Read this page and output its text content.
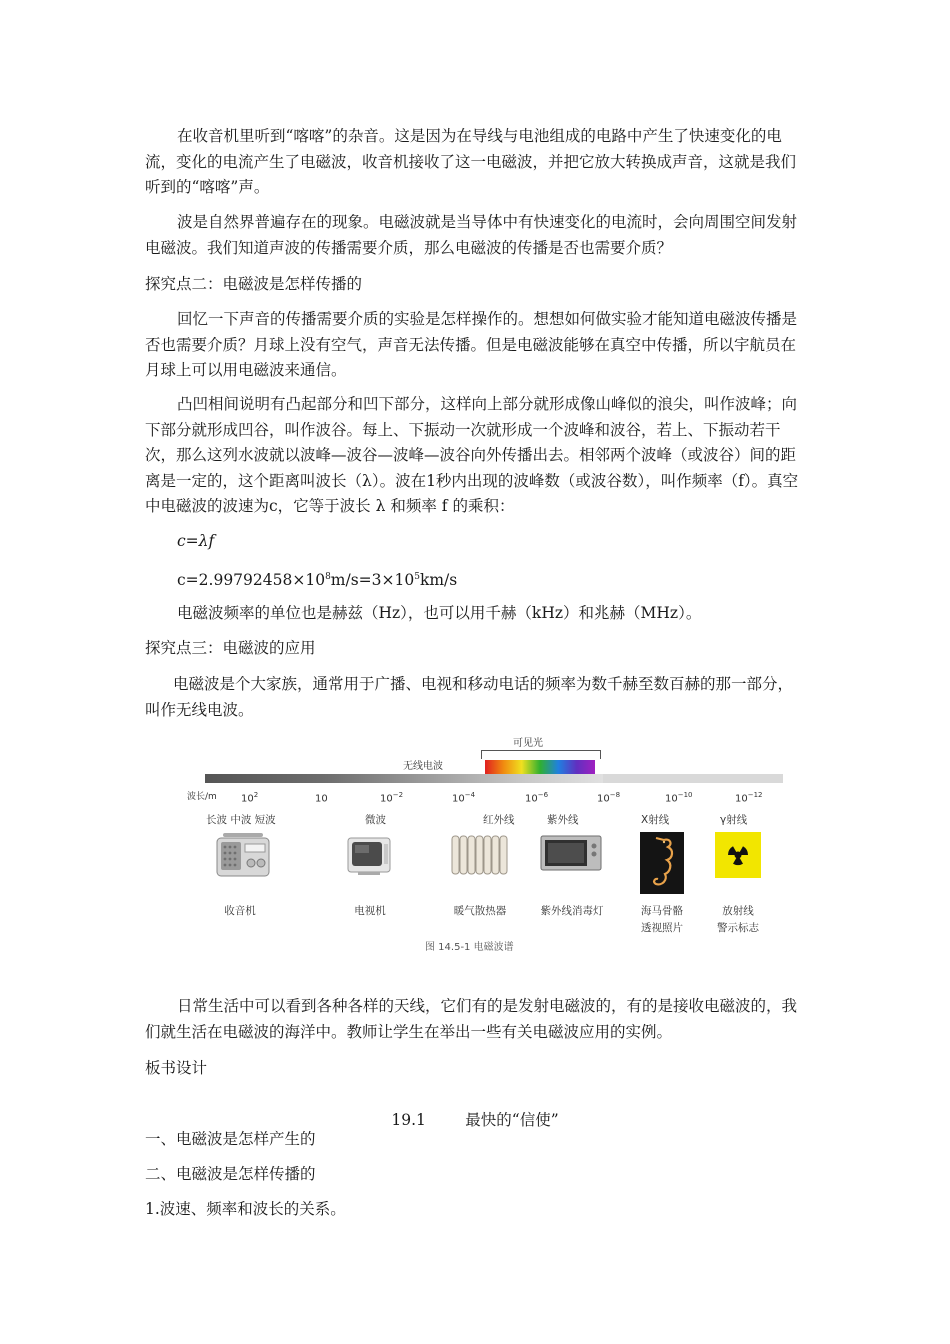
在收音机里听到“喀喀”的杂音。这是因为在导线与电池组成的电路中产生了快速变化的电流，变化的电流产生了电磁波，收音机接收了这一电磁波，并把它放大转换成声音，这就是我们听到的“喀喀”声。

波是自然界普遍存在的现象。电磁波就是当导体中有快速变化的电流时，会向周围空间发射电磁波。我们知道声波的传播需要介质，那么电磁波的传播是否也需要介质？

探究点二：电磁波是怎样传播的

回忆一下声音的传播需要介质的实验是怎样操作的。想想如何做实验才能知道电磁波传播是否也需要介质？月球上没有空气，声音无法传播。但是电磁波能够在真空中传播，所以宇航员在月球上可以用电磁波来通信。

凸凹相间说明有凸起部分和凹下部分，这样向上部分就形成像山峰似的浪尖，叫作波峰；向下部分就形成凹谷，叫作波谷。每上、下振动一次就形成一个波峰和波谷，若上、下振动若干次，那么这列水波就以波峰—波谷—波峰—波谷向外传播出去。相邻两个波峰（或波谷）间的距离是一定的，这个距离叫波长（λ）。波在1秒内出现的波峰数（或波谷数），叫作频率（f）。真空中电磁波的波速为c，它等于波长 λ 和频率 f 的乘积：

c=λf

$c=2.99792458\times 10^8m/s=3\times 10^5km/s$

电磁波频率的单位也是赫兹（Hz），也可以用千赫（kHz）和兆赫（MHz）。

探究点三：电磁波的应用

电磁波是个大家族，通常用于广播、电视和移动电话的频率为数千赫至数百赫的那一部分，叫作无线电波。

可见光
无线电波
波长/m $10^2$	10	$10^{-2}$	$10^{-4}$	$10^{-6}$	$10^{-8}$	$10^{-10}$	$10^{-12}$
长波 中波 短波	微波	红外线	紫外线	X射线	γ射线
收音机	电视机	暖气散热器	紫外线消毒灯	海马骨骼
透视照片
放射线
警示标志
图 14.5-1 电磁波谱

日常生活中可以看到各种各样的天线，它们有的是发射电磁波的，有的是接收电磁波的，我们就生活在电磁波的海洋中。教师让学生在举出一些有关电磁波应用的实例。

板书设计

19.1        最快的“信使”

一、电磁波是怎样产生的

二、电磁波是怎样传播的

1.波速、频率和波长的关系。
